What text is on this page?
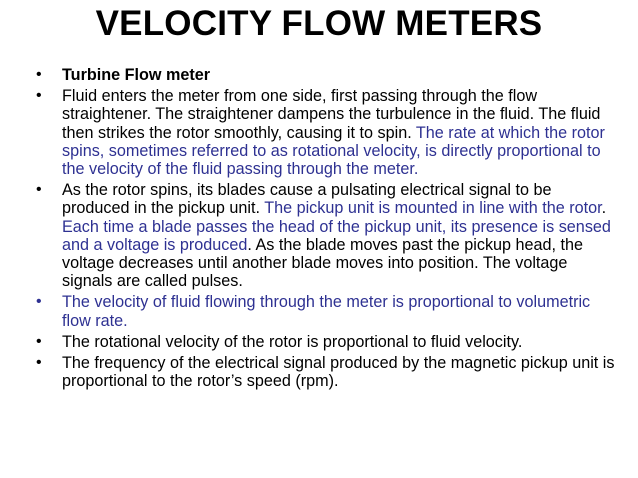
VELOCITY FLOW METERS
•	Turbine Flow meter
•	Fluid enters the meter from one side, first passing through the flow straightener. The straightener dampens the turbulence in the fluid. The fluid then strikes the rotor smoothly, causing it to spin. The rate at which the rotor spins, sometimes referred to as rotational velocity, is directly proportional to the velocity of the fluid passing through the meter.
•	As the rotor spins, its blades cause a pulsating electrical signal to be produced in the pickup unit. The pickup unit is mounted in line with the rotor. Each time a blade passes the head of the pickup unit, its presence is sensed and a voltage is produced. As the blade moves past the pickup head, the voltage decreases until another blade moves into position. The voltage signals are called pulses.
•	The velocity of fluid flowing through the meter is proportional to volumetric flow rate.
•	The rotational velocity of the rotor is proportional to fluid velocity.
•	The frequency of the electrical signal produced by the magnetic pickup unit is proportional to the rotor’s speed (rpm).
